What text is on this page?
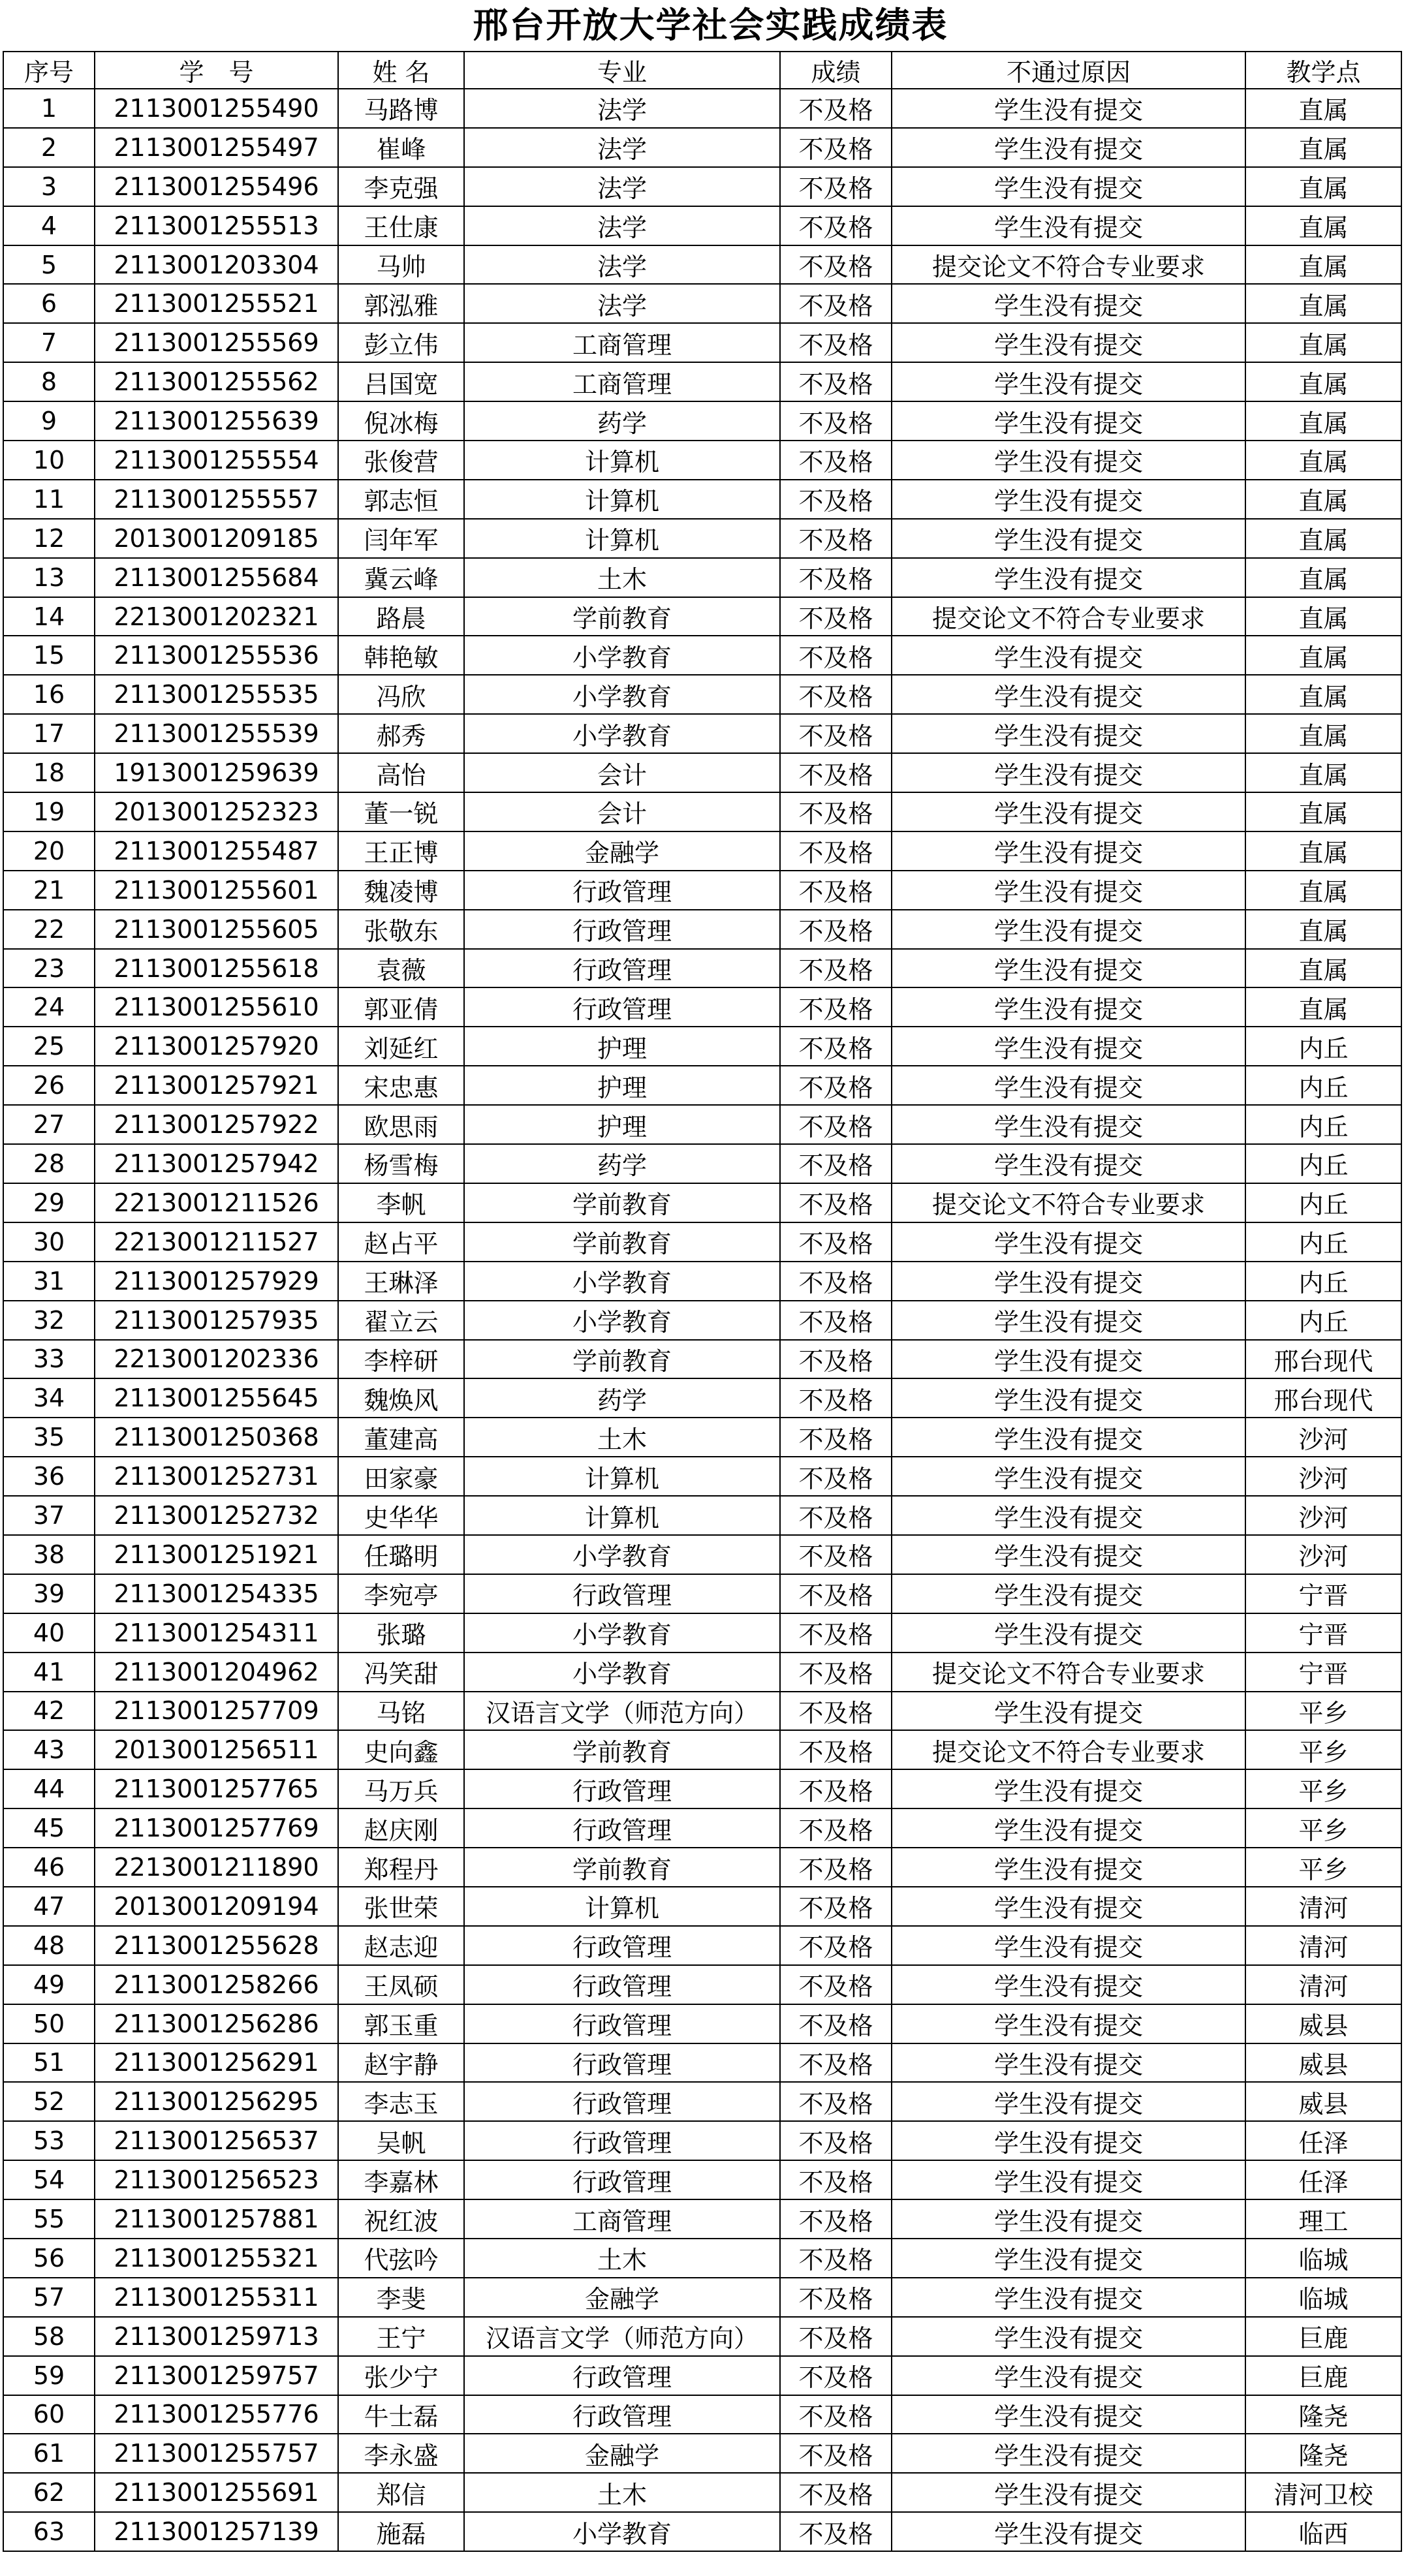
邢台开放大学社会实践成绩表
序号	学　号	姓 名	专业	成绩	不通过原因	教学点
1	2113001255490	马路博	法学	不及格	学生没有提交	直属
2	2113001255497	崔峰	法学	不及格	学生没有提交	直属
3	2113001255496	李克强	法学	不及格	学生没有提交	直属
4	2113001255513	王仕康	法学	不及格	学生没有提交	直属
5	2113001203304	马帅	法学	不及格	提交论文不符合专业要求	直属
6	2113001255521	郭泓雅	法学	不及格	学生没有提交	直属
7	2113001255569	彭立伟	工商管理	不及格	学生没有提交	直属
8	2113001255562	吕国宽	工商管理	不及格	学生没有提交	直属
9	2113001255639	倪冰梅	药学	不及格	学生没有提交	直属
10	2113001255554	张俊营	计算机	不及格	学生没有提交	直属
11	2113001255557	郭志恒	计算机	不及格	学生没有提交	直属
12	2013001209185	闫年军	计算机	不及格	学生没有提交	直属
13	2113001255684	冀云峰	土木	不及格	学生没有提交	直属
14	2213001202321	路晨	学前教育	不及格	提交论文不符合专业要求	直属
15	2113001255536	韩艳敏	小学教育	不及格	学生没有提交	直属
16	2113001255535	冯欣	小学教育	不及格	学生没有提交	直属
17	2113001255539	郝秀	小学教育	不及格	学生没有提交	直属
18	1913001259639	高怡	会计	不及格	学生没有提交	直属
19	2013001252323	董一锐	会计	不及格	学生没有提交	直属
20	2113001255487	王正博	金融学	不及格	学生没有提交	直属
21	2113001255601	魏凌博	行政管理	不及格	学生没有提交	直属
22	2113001255605	张敬东	行政管理	不及格	学生没有提交	直属
23	2113001255618	袁薇	行政管理	不及格	学生没有提交	直属
24	2113001255610	郭亚倩	行政管理	不及格	学生没有提交	直属
25	2113001257920	刘延红	护理	不及格	学生没有提交	内丘
26	2113001257921	宋忠惠	护理	不及格	学生没有提交	内丘
27	2113001257922	欧思雨	护理	不及格	学生没有提交	内丘
28	2113001257942	杨雪梅	药学	不及格	学生没有提交	内丘
29	2213001211526	李帆	学前教育	不及格	提交论文不符合专业要求	内丘
30	2213001211527	赵占平	学前教育	不及格	学生没有提交	内丘
31	2113001257929	王琳泽	小学教育	不及格	学生没有提交	内丘
32	2113001257935	翟立云	小学教育	不及格	学生没有提交	内丘
33	2213001202336	李梓研	学前教育	不及格	学生没有提交	邢台现代
34	2113001255645	魏焕风	药学	不及格	学生没有提交	邢台现代
35	2113001250368	董建高	土木	不及格	学生没有提交	沙河
36	2113001252731	田家豪	计算机	不及格	学生没有提交	沙河
37	2113001252732	史华华	计算机	不及格	学生没有提交	沙河
38	2113001251921	任璐明	小学教育	不及格	学生没有提交	沙河
39	2113001254335	李宛亭	行政管理	不及格	学生没有提交	宁晋
40	2113001254311	张璐	小学教育	不及格	学生没有提交	宁晋
41	2113001204962	冯笑甜	小学教育	不及格	提交论文不符合专业要求	宁晋
42	2113001257709	马铭	汉语言文学（师范方向）	不及格	学生没有提交	平乡
43	2013001256511	史向鑫	学前教育	不及格	提交论文不符合专业要求	平乡
44	2113001257765	马万兵	行政管理	不及格	学生没有提交	平乡
45	2113001257769	赵庆刚	行政管理	不及格	学生没有提交	平乡
46	2213001211890	郑程丹	学前教育	不及格	学生没有提交	平乡
47	2013001209194	张世荣	计算机	不及格	学生没有提交	清河
48	2113001255628	赵志迎	行政管理	不及格	学生没有提交	清河
49	2113001258266	王凤硕	行政管理	不及格	学生没有提交	清河
50	2113001256286	郭玉重	行政管理	不及格	学生没有提交	威县
51	2113001256291	赵宇静	行政管理	不及格	学生没有提交	威县
52	2113001256295	李志玉	行政管理	不及格	学生没有提交	威县
53	2113001256537	吴帆	行政管理	不及格	学生没有提交	任泽
54	2113001256523	李嘉林	行政管理	不及格	学生没有提交	任泽
55	2113001257881	祝红波	工商管理	不及格	学生没有提交	理工
56	2113001255321	代弦吟	土木	不及格	学生没有提交	临城
57	2113001255311	李斐	金融学	不及格	学生没有提交	临城
58	2113001259713	王宁	汉语言文学（师范方向）	不及格	学生没有提交	巨鹿
59	2113001259757	张少宁	行政管理	不及格	学生没有提交	巨鹿
60	2113001255776	牛士磊	行政管理	不及格	学生没有提交	隆尧
61	2113001255757	李永盛	金融学	不及格	学生没有提交	隆尧
62	2113001255691	郑信	土木	不及格	学生没有提交	清河卫校
63	2113001257139	施磊	小学教育	不及格	学生没有提交	临西
